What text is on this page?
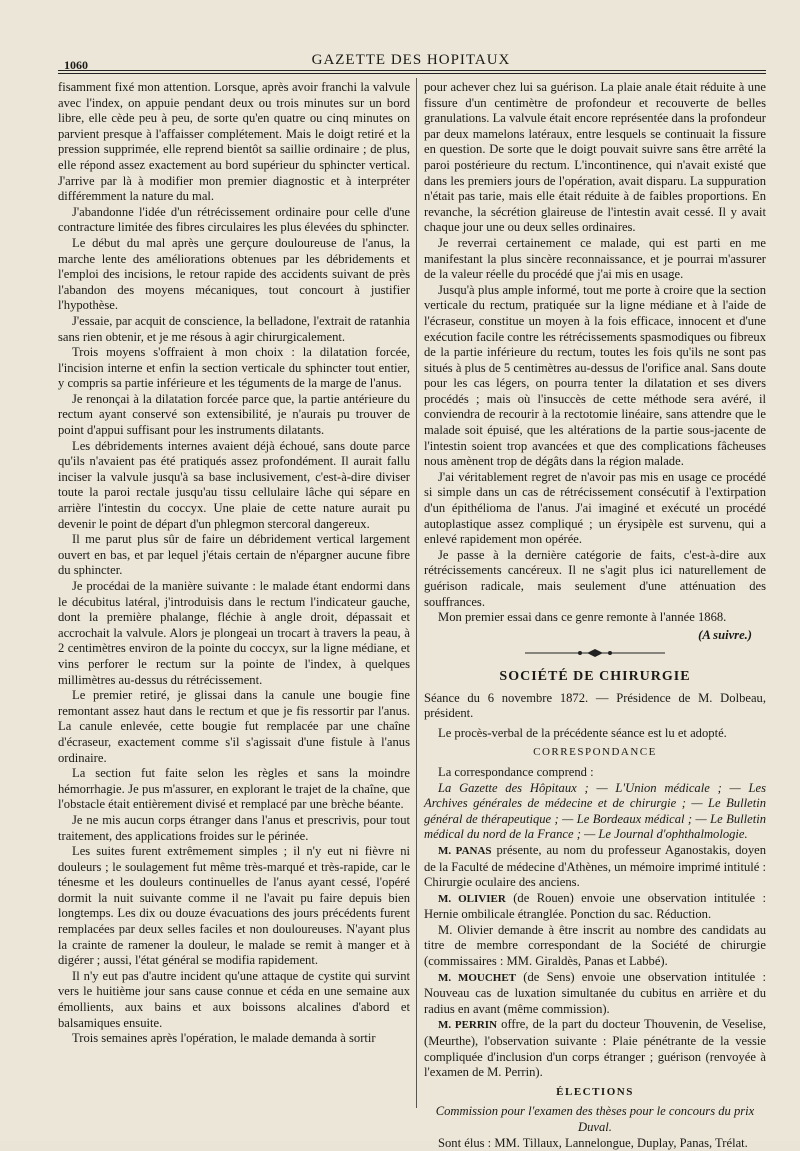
1060	GAZETTE DES HOPITAUX

fisamment fixé mon attention. Lorsque, après avoir franchi la valvule avec l'index, on appuie pendant deux ou trois minutes sur un bord libre, elle cède peu à peu, de sorte qu'en quatre ou cinq minutes on parvient presque à l'affaisser complétement. Mais le doigt retiré et la pression supprimée, elle reprend bientôt sa saillie ordinaire ; de plus, elle répond assez exactement au bord supérieur du sphincter vertical. J'arrive par là à modifier mon premier diagnostic et à interpréter différemment la nature du mal.

J'abandonne l'idée d'un rétrécissement ordinaire pour celle d'une contracture limitée des fibres circulaires les plus élevées du sphincter.

Le début du mal après une gerçure douloureuse de l'anus, la marche lente des améliorations obtenues par les débridements et l'emploi des incisions, le retour rapide des accidents suivant de près l'abandon des moyens mécaniques, tout concourt à justifier l'hypothèse.

J'essaie, par acquit de conscience, la belladone, l'extrait de ratanhia sans rien obtenir, et je me résous à agir chirurgicalement.

Trois moyens s'offraient à mon choix : la dilatation forcée, l'incision interne et enfin la section verticale du sphincter tout entier, y compris sa partie inférieure et les téguments de la marge de l'anus.

Je renonçai à la dilatation forcée parce que, la partie antérieure du rectum ayant conservé son extensibilité, je n'aurais pu trouver de point d'appui suffisant pour les instruments dilatants.

Les débridements internes avaient déjà échoué, sans doute parce qu'ils n'avaient pas été pratiqués assez profondément. Il aurait fallu inciser la valvule jusqu'à sa base inclusivement, c'est-à-dire diviser toute la paroi rectale jusqu'au tissu cellulaire lâche qui sépare en arrière l'intestin du coccyx. Une plaie de cette nature aurait pu devenir le point de départ d'un phlegmon stercoral dangereux.

Il me parut plus sûr de faire un débridement vertical largement ouvert en bas, et par lequel j'étais certain de n'épargner aucune fibre du sphincter.

Je procédai de la manière suivante : le malade étant endormi dans le décubitus latéral, j'introduisis dans le rectum l'indicateur gauche, dont la première phalange, fléchie à angle droit, dépassait et accrochait la valvule. Alors je plongeai un trocart à travers la peau, à 2 centimètres environ de la pointe du coccyx, sur la ligne médiane, et vins perforer le rectum sur la pointe de l'index, à quelques millimètres au-dessus du rétrécissement.

Le premier retiré, je glissai dans la canule une bougie fine remontant assez haut dans le rectum et que je fis ressortir par l'anus. La canule enlevée, cette bougie fut remplacée par une chaîne d'écraseur, exactement comme s'il s'agissait d'une fistule à l'anus ordinaire.

La section fut faite selon les règles et sans la moindre hémorrhagie. Je pus m'assurer, en explorant le trajet de la chaîne, que l'obstacle était entièrement divisé et remplacé par une brèche béante.

Je ne mis aucun corps étranger dans l'anus et prescrivis, pour tout traitement, des applications froides sur le périnée.

Les suites furent extrêmement simples ; il n'y eut ni fièvre ni douleurs ; le soulagement fut même très-marqué et très-rapide, car le ténesme et les douleurs continuelles de l'anus ayant cessé, l'opéré dormit la nuit suivante comme il ne l'avait pu faire depuis bien longtemps. Les dix ou douze évacuations des jours précédents furent remplacées par deux selles faciles et non douloureuses. N'ayant plus la crainte de ramener la douleur, le malade se remit à manger et à digérer ; aussi, l'état général se modifia rapidement.

Il n'y eut pas d'autre incident qu'une attaque de cystite qui survint vers le huitième jour sans cause connue et céda en une semaine aux émollients, aux bains et aux boissons alcalines d'abord et balsamiques ensuite.

Trois semaines après l'opération, le malade demanda à sortir

pour achever chez lui sa guérison. La plaie anale était réduite à une fissure d'un centimètre de profondeur et recouverte de belles granulations. La valvule était encore représentée dans la profondeur par deux mamelons latéraux, entre lesquels se continuait la fissure en question. De sorte que le doigt pouvait suivre sans être arrêté la paroi postérieure du rectum. L'incontinence, qui n'avait existé que dans les premiers jours de l'opération, avait disparu. La suppuration n'était pas tarie, mais elle était réduite à de faibles proportions. En revanche, la sécrétion glaireuse de l'intestin avait cessé. Il y avait chaque jour une ou deux selles ordinaires.

Je reverrai certainement ce malade, qui est parti en me manifestant la plus sincère reconnaissance, et je pourrai m'assurer de la valeur réelle du procédé que j'ai mis en usage.

Jusqu'à plus ample informé, tout me porte à croire que la section verticale du rectum, pratiquée sur la ligne médiane et à l'aide de l'écraseur, constitue un moyen à la fois efficace, innocent et d'une exécution facile contre les rétrécissements spasmodiques ou fibreux de la partie inférieure du rectum, toutes les fois qu'ils ne sont pas situés à plus de 5 centimètres au-dessus de l'orifice anal. Sans doute pour les cas légers, on pourra tenter la dilatation et ses divers procédés ; mais où l'insuccès de cette méthode sera avéré, il conviendra de recourir à la rectotomie linéaire, sans attendre que le malade soit épuisé, que les altérations de la partie sous-jacente de l'intestin soient trop avancées et que des complications fâcheuses nous amènent trop de dégâts dans la région malade.

J'ai véritablement regret de n'avoir pas mis en usage ce procédé si simple dans un cas de rétrécissement consécutif à l'extirpation d'un épithélioma de l'anus. J'ai imaginé et exécuté un procédé autoplastique assez compliqué ; un érysipèle est survenu, qui a enlevé rapidement mon opérée.

Je passe à la dernière catégorie de faits, c'est-à-dire aux rétrécissements cancéreux. Il ne s'agit plus ici naturellement de guérison radicale, mais seulement d'une atténuation des souffrances.

Mon premier essai dans ce genre remonte à l'année 1868.

(A suivre.)
SOCIÉTÉ DE CHIRURGIE

Séance du 6 novembre 1872. — Présidence de M. Dolbeau, président.

Le procès-verbal de la précédente séance est lu et adopté.

CORRESPONDANCE

La correspondance comprend :

La Gazette des Hôpitaux ; — L'Union médicale ; — Les Archives générales de médecine et de chirurgie ; — Le Bulletin général de thérapeutique ; — Le Bordeaux médical ; — Le Bulletin médical du nord de la France ; — Le Journal d'ophthalmologie.

M. PANAS présente, au nom du professeur Aganostakis, doyen de la Faculté de médecine d'Athènes, un mémoire imprimé intitulé : Chirurgie oculaire des anciens.

M. OLIVIER (de Rouen) envoie une observation intitulée : Hernie ombilicale étranglée. Ponction du sac. Réduction.

M. Olivier demande à être inscrit au nombre des candidats au titre de membre correspondant de la Société de chirurgie (commissaires : MM. Giraldès, Panas et Labbé).

M. MOUCHET (de Sens) envoie une observation intitulée : Nouveau cas de luxation simultanée du cubitus en arrière et du radius en avant (même commission).

M. PERRIN offre, de la part du docteur Thouvenin, de Veselise, (Meurthe), l'observation suivante : Plaie pénétrante de la vessie compliquée d'inclusion d'un corps étranger ; guérison (renvoyée à l'examen de M. Perrin).

ÉLECTIONS
Commission pour l'examen des thèses pour le concours du prix Duval.

Sont élus : MM. Tillaux, Lannelongue, Duplay, Panas, Trélat.
